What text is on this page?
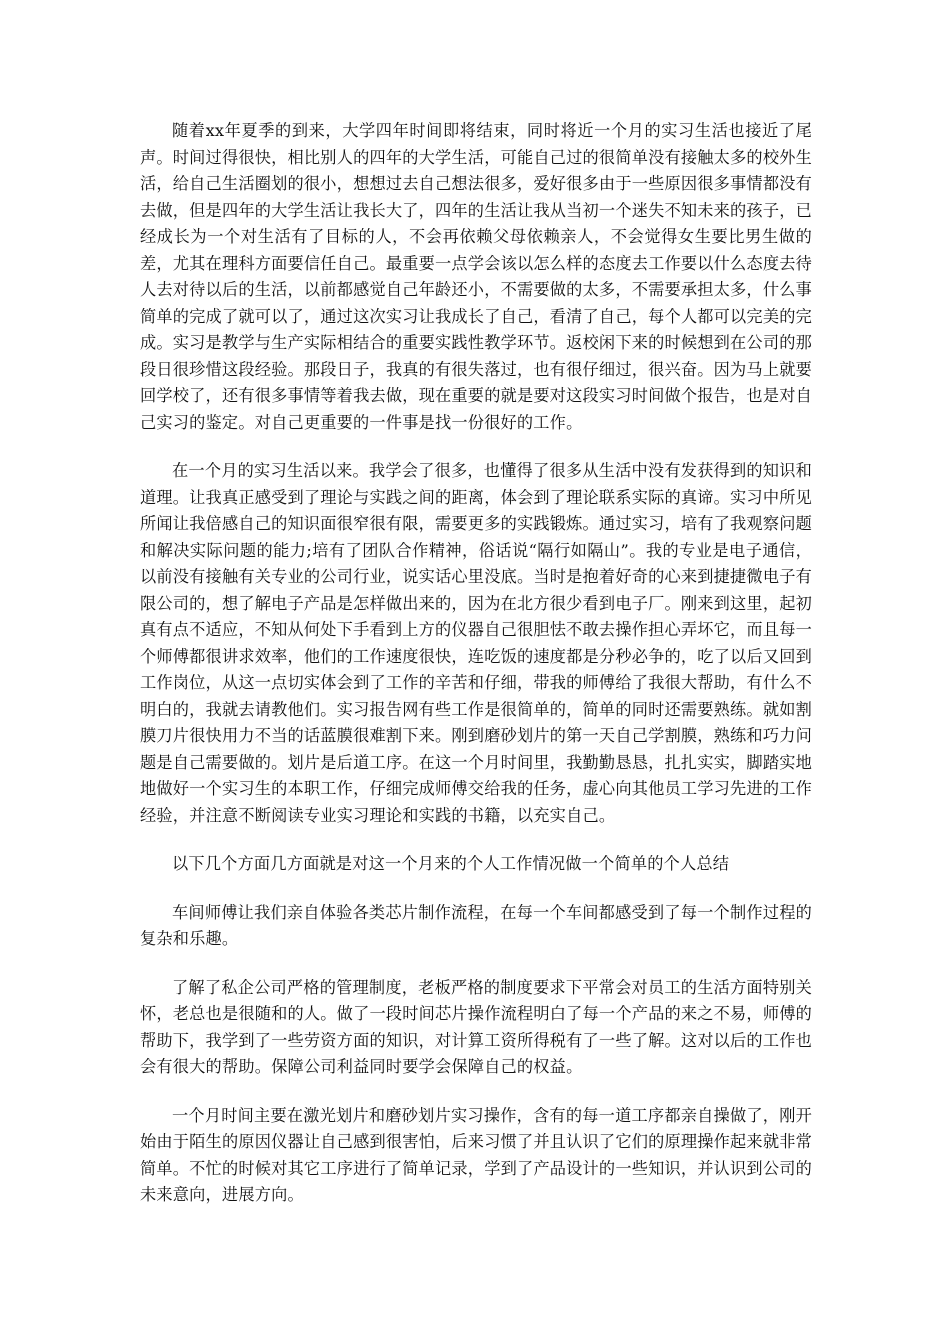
随着xx年夏季的到来，大学四年时间即将结束，同时将近一个月的实习生活也接近了尾声。时间过得很快，相比别人的四年的大学生活，可能自己过的很简单没有接触太多的校外生活，给自己生活圈划的很小，想想过去自己想法很多，爱好很多由于一些原因很多事情都没有去做，但是四年的大学生活让我长大了，四年的生活让我从当初一个迷失不知未来的孩子，已经成长为一个对生活有了目标的人，不会再依赖父母依赖亲人，不会觉得女生要比男生做的差，尤其在理科方面要信任自己。最重要一点学会该以怎么样的态度去工作要以什么态度去待人去对待以后的生活，以前都感觉自己年龄还小，不需要做的太多，不需要承担太多，什么事简单的完成了就可以了，通过这次实习让我成长了自己，看清了自己，每个人都可以完美的完成。实习是教学与生产实际相结合的重要实践性教学环节。返校闲下来的时候想到在公司的那段日很珍惜这段经验。那段日子，我真的有很失落过，也有很仔细过，很兴奋。因为马上就要回学校了，还有很多事情等着我去做，现在重要的就是要对这段实习时间做个报告，也是对自己实习的鉴定。对自己更重要的一件事是找一份很好的工作。

在一个月的实习生活以来。我学会了很多，也懂得了很多从生活中没有发获得到的知识和道理。让我真正感受到了理论与实践之间的距离，体会到了理论联系实际的真谛。实习中所见所闻让我倍感自己的知识面很窄很有限，需要更多的实践锻炼。通过实习，培有了我观察问题和解决实际问题的能力;培有了团队合作精神，俗话说“隔行如隔山”。我的专业是电子通信，以前没有接触有关专业的公司行业，说实话心里没底。当时是抱着好奇的心来到捷捷微电子有限公司的，想了解电子产品是怎样做出来的，因为在北方很少看到电子厂。刚来到这里，起初真有点不适应，不知从何处下手看到上方的仪器自己很胆怯不敢去操作担心弄坏它，而且每一个师傅都很讲求效率，他们的工作速度很快，连吃饭的速度都是分秒必争的，吃了以后又回到工作岗位，从这一点切实体会到了工作的辛苦和仔细，带我的师傅给了我很大帮助，有什么不明白的，我就去请教他们。实习报告网有些工作是很简单的，简单的同时还需要熟练。就如割膜刀片很快用力不当的话蓝膜很难割下来。刚到磨砂划片的第一天自己学割膜，熟练和巧力问题是自己需要做的。划片是后道工序。在这一个月时间里，我勤勤恳恳，扎扎实实，脚踏实地地做好一个实习生的本职工作，仔细完成师傅交给我的任务，虚心向其他员工学习先进的工作经验，并注意不断阅读专业实习理论和实践的书籍，以充实自己。

以下几个方面几方面就是对这一个月来的个人工作情况做一个简单的个人总结

车间师傅让我们亲自体验各类芯片制作流程，在每一个车间都感受到了每一个制作过程的复杂和乐趣。

了解了私企公司严格的管理制度，老板严格的制度要求下平常会对员工的生活方面特别关怀，老总也是很随和的人。做了一段时间芯片操作流程明白了每一个产品的来之不易，师傅的帮助下，我学到了一些劳资方面的知识，对计算工资所得税有了一些了解。这对以后的工作也会有很大的帮助。保障公司利益同时要学会保障自己的权益。

一个月时间主要在激光划片和磨砂划片实习操作，含有的每一道工序都亲自操做了，刚开始由于陌生的原因仪器让自己感到很害怕，后来习惯了并且认识了它们的原理操作起来就非常简单。不忙的时候对其它工序进行了简单记录，学到了产品设计的一些知识，并认识到公司的未来意向，进展方向。
